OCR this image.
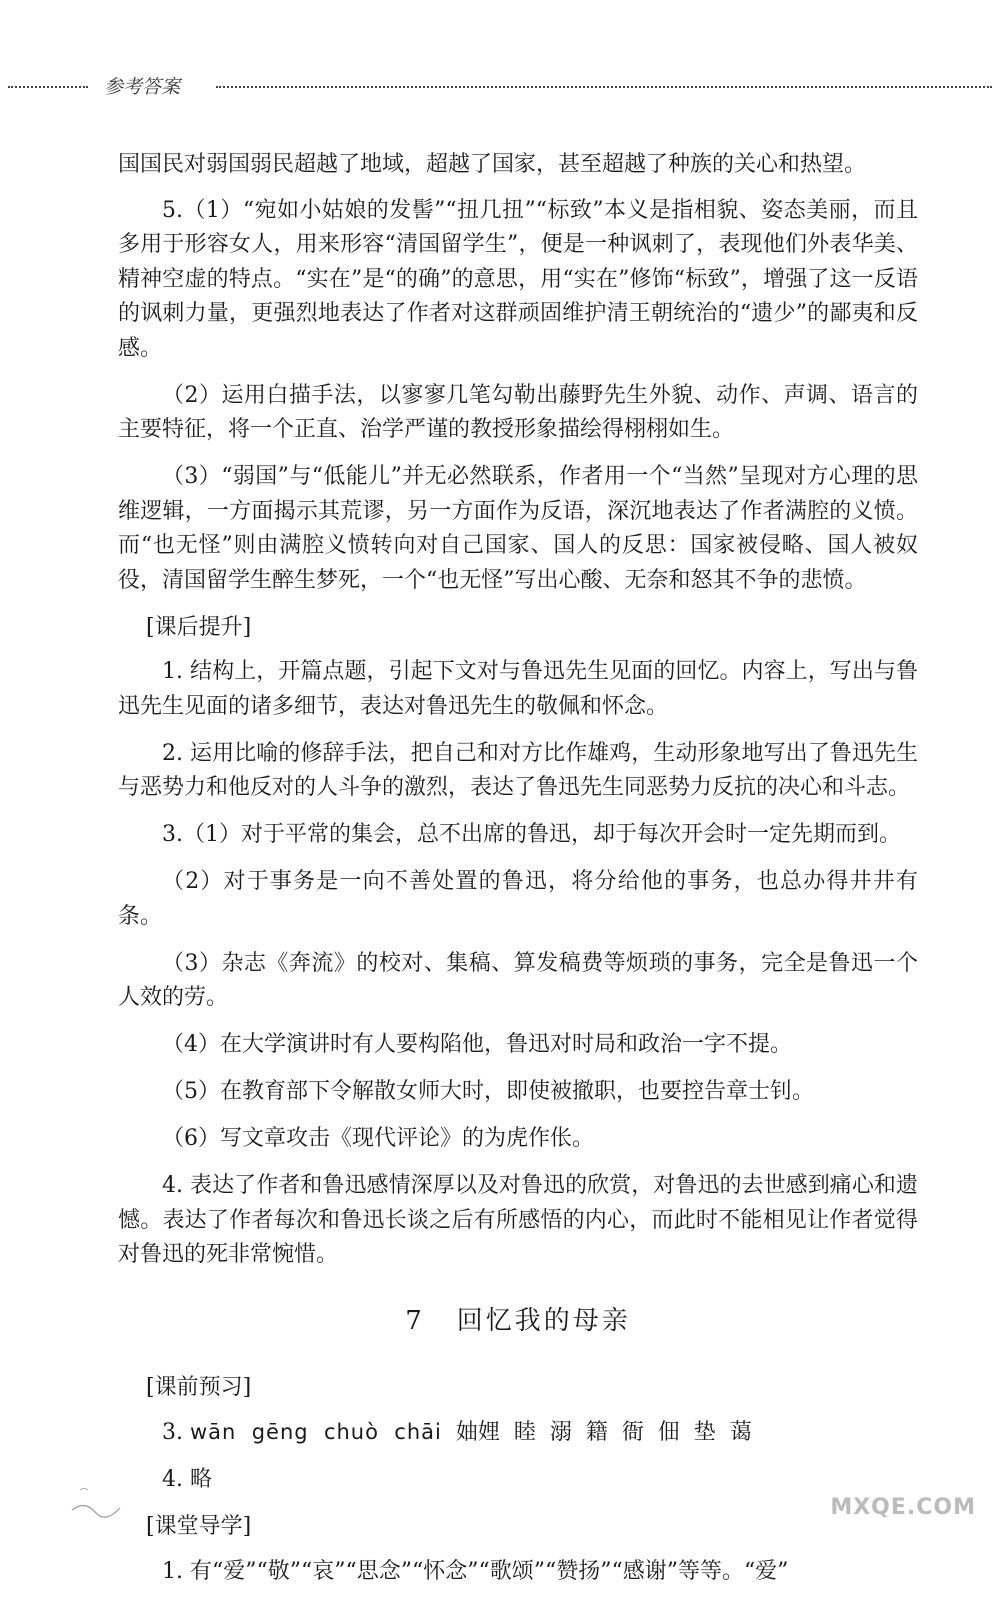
参考答案

国国民对弱国弱民超越了地域，超越了国家，甚至超越了种族的关心和热望。

5.（1）“宛如小姑娘的发髻”“扭几扭”“标致”本义是指相貌、姿态美丽，而且多用于形容女人，用来形容“清国留学生”，便是一种讽刺了，表现他们外表华美、精神空虚的特点。“实在”是“的确”的意思，用“实在”修饰“标致”，增强了这一反语的讽刺力量，更强烈地表达了作者对这群顽固维护清王朝统治的“遗少”的鄙夷和反感。

（2）运用白描手法，以寥寥几笔勾勒出藤野先生外貌、动作、声调、语言的主要特征，将一个正直、治学严谨的教授形象描绘得栩栩如生。

（3）“弱国”与“低能儿”并无必然联系，作者用一个“当然”呈现对方心理的思维逻辑，一方面揭示其荒谬，另一方面作为反语，深沉地表达了作者满腔的义愤。而“也无怪”则由满腔义愤转向对自己国家、国人的反思：国家被侵略、国人被奴役，清国留学生醉生梦死，一个“也无怪”写出心酸、无奈和怒其不争的悲愤。

[课后提升]

1. 结构上，开篇点题，引起下文对与鲁迅先生见面的回忆。内容上，写出与鲁迅先生见面的诸多细节，表达对鲁迅先生的敬佩和怀念。

2. 运用比喻的修辞手法，把自己和对方比作雄鸡，生动形象地写出了鲁迅先生与恶势力和他反对的人斗争的激烈，表达了鲁迅先生同恶势力反抗的决心和斗志。

3.（1）对于平常的集会，总不出席的鲁迅，却于每次开会时一定先期而到。

（2）对于事务是一向不善处置的鲁迅，将分给他的事务，也总办得井井有条。

（3）杂志《奔流》的校对、集稿、算发稿费等烦琐的事务，完全是鲁迅一个人效的劳。

（4）在大学演讲时有人要构陷他，鲁迅对时局和政治一字不提。

（5）在教育部下令解散女师大时，即使被撤职，也要控告章士钊。

（6）写文章攻击《现代评论》的为虎作伥。

4. 表达了作者和鲁迅感情深厚以及对鲁迅的欣赏，对鲁迅的去世感到痛心和遗憾。表达了作者每次和鲁迅长谈之后有所感悟的内心，而此时不能相见让作者觉得对鲁迅的死非常惋惜。

7 回忆我的母亲
[课前预习]

3. wān  gēng  chuò  chāi 妯娌  睦  溺  籍  衙  佃  垫  蔼

4. 略

[课堂导学]

1. 有“爱”“敬”“哀”“思念”“怀念”“歌颂”“赞扬”“感谢”等等。“爱”

MXQE.COM
